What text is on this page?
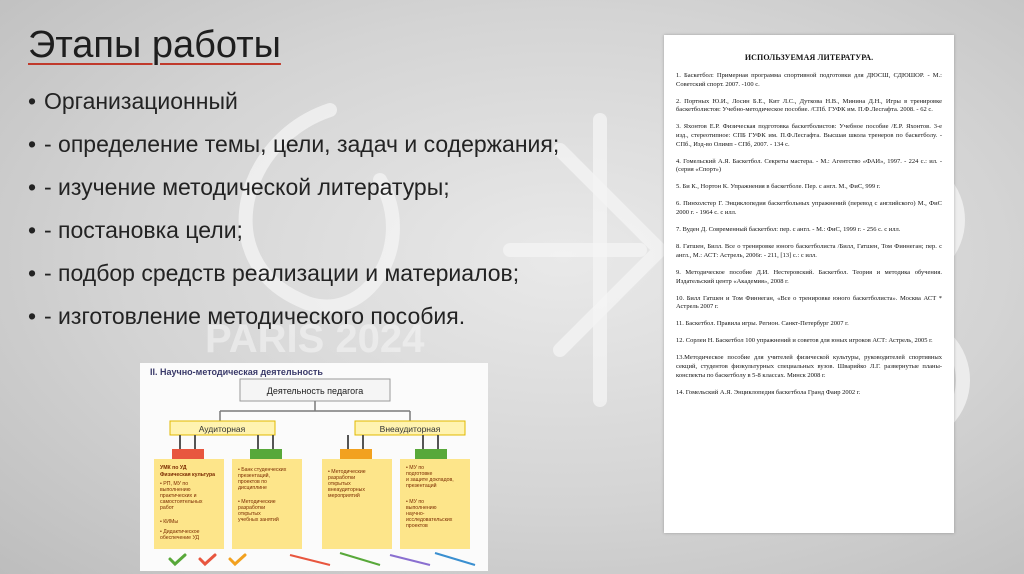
PARIS 2024
Этапы работы
• Организационный
• - определение темы, цели, задач и содержания;
• - изучение методической литературы;
• - постановка цели;
• - подбор средств реализации и материалов;
• - изготовление методического пособия.
II. Научно-методическая деятельность
Деятельность педагога
Аудиторная	Внеаудиторная
УМК по УД
Физическая культура
• РП, МУ по выполнению практических и самостоятельных работ
• КИМы
• Дидактическое обеспечение УД
• Банк студенческих презентаций, проектов по дисциплине
• Методические разработки открытых учебных занятий
• Методические разработки открытых внеаудиторных мероприятий
• МУ по подготовке и защите докладов, презентаций
• МУ по выполнению научно-исследовательских проектов
ИСПОЛЬЗУЕМАЯ ЛИТЕРАТУРА.
1. Баскетбол: Примерная программа спортивной подготовки для ДЮСШ, СДЮШОР. - М.: Советский спорт. 2007. -100 с.
2. Портных Ю.И., Лосин Б.Е., Кит Л.С., Дуткова Н.В., Минина Д.Н., Игры в тренировке баскетболистов: Учебно-методическое пособие. /СПб. ГУФК им. П.Ф.Лесгафта. 2008. - 62 с.
3. Яхонтов Е.Р. Физическая подготовка баскетболистов: Учебное пособие /Е.Р. Яхонтов. 3-е изд., стереотипное: СПБ ГУФК им. П.Ф.Лесгафта. Высшая школа тренеров по баскетболу. - СПб., Изд-во Олимп - СПб, 2007. - 134 с.
4. Гомельский А.Я. Баскетбол. Секреты мастера. - М.: Агентство «ФАИ», 1997. - 224 с.: ил. - (серия «Спорт»)
5. Би К., Нортон К. Упражнения в баскетболе. Пер. с англ. М., ФиС, 999 г.
6. Пинхолстер Г. Энциклопедия баскетбольных упражнений (перевод с английского) М., ФиС 2000 г. - 1964 с. с илл.
7. Вуден Д. Современный баскетбол: пер. с англ. - М.: ФиС, 1999 г. - 256 с. с илл.
8. Гатшен, Билл. Все о тренировке юного баскетболиста /Билл, Гатшен, Том Финнеган; пер. с англ., М.: АСТ: Астрель, 2006г. - 211, [13] с.: с илл.
9. Методическое пособие Д.И. Нестеровский. Баскетбол. Теория и методика обучения. Издательский центр «Академия», 2008 г.
10. Билл Гатшен и Том Финнеган, «Все о тренировке юного баскетболиста». Москва АСТ * Астрель 2007 г.
11. Баскетбол. Правила игры. Регион. Санкт-Петербург 2007 г.
12. Сорлеи Н. Баскетбол 100 упражнений и советов для юных игроков АСТ: Астрель, 2005 г.
13.Методическое пособие для учителей физической культуры, руководителей спортивных секций, студентов физкультурных специальных вузов. Шварийко Л.Г. развернутые планы-конспекты по баскетболу в 5-8 классах. Минск 2008 г.
14. Гомельский А.Я. Энциклопедия баскетбола Гранд Фаир 2002 г.
